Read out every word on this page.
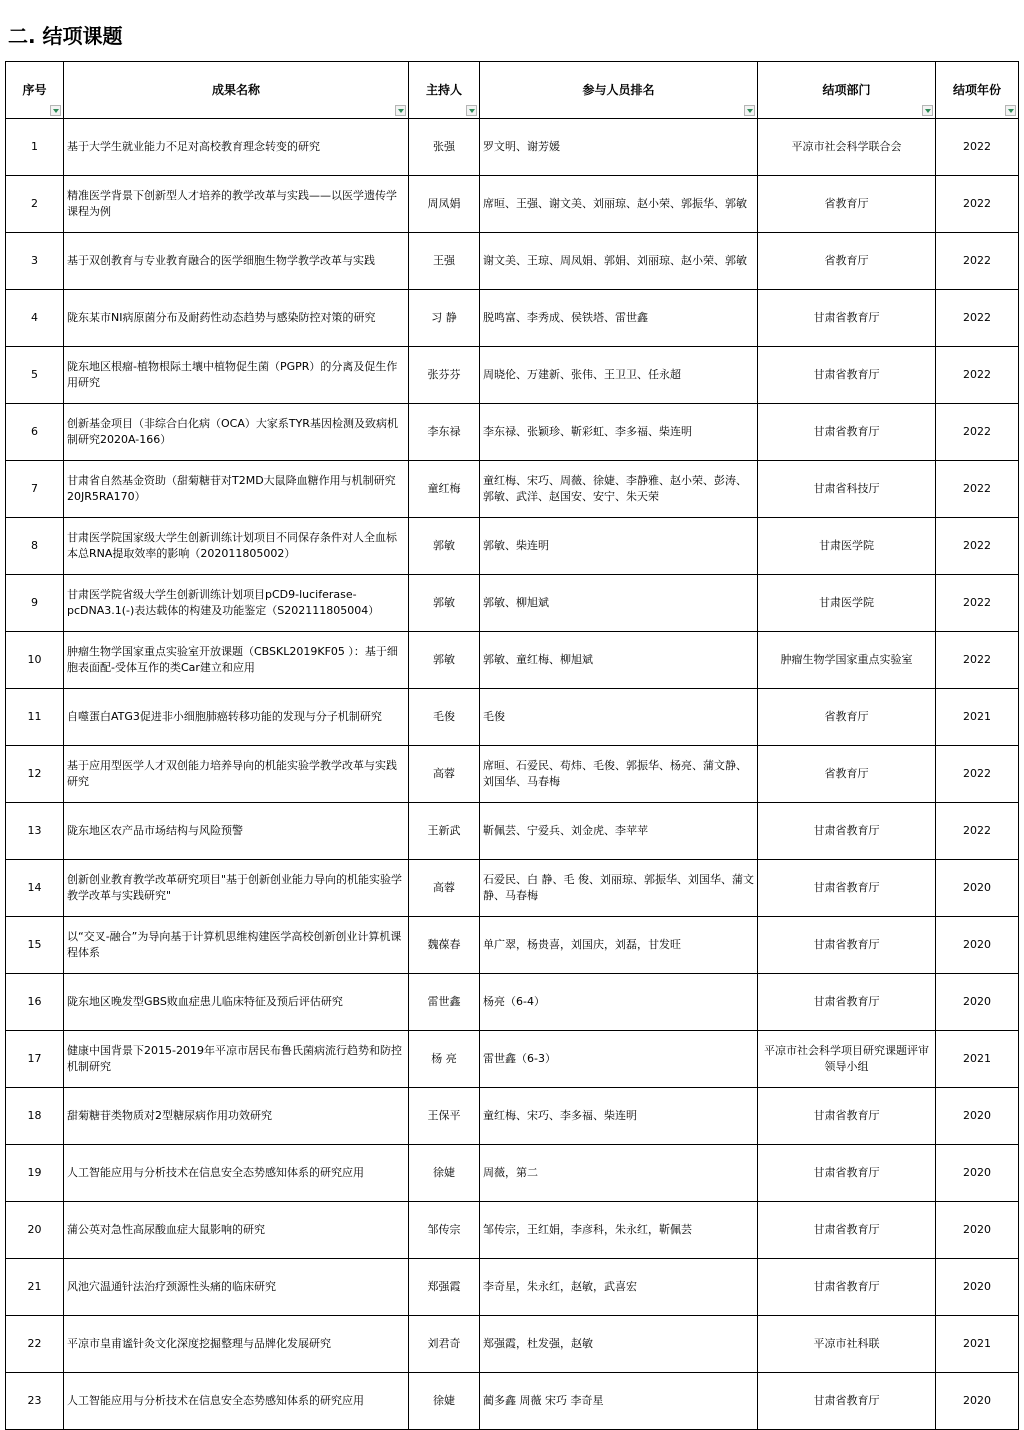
二. 结项课题
序号	成果名称	主持人	参与人员排名	结项部门	结项年份

1	基于大学生就业能力不足对高校教育理念转变的研究	张强	罗文明、谢芳媛	平凉市社会科学联合会	2022
2	精准医学背景下创新型人才培养的教学改革与实践——以医学遗传学课程为例	周凤娟	席晅、王强、谢文美、刘丽琼、赵小荣、郭振华、郭敏	省教育厅	2022
3	基于双创教育与专业教育融合的医学细胞生物学教学改革与实践	王强	谢文美、王琼、周凤娟、郭娟、刘丽琼、赵小荣、郭敏	省教育厅	2022
4	陇东某市NI病原菌分布及耐药性动态趋势与感染防控对策的研究	习 静	脱鸣富、李秀成、侯铁塔、雷世鑫	甘肃省教育厅	2022
5	陇东地区根瘤-植物根际土壤中植物促生菌（PGPR）的分离及促生作用研究	张芬芬	周晓伦、万建新、张伟、王卫卫、任永超	甘肃省教育厅	2022
6	创新基金项目（非综合白化病（OCA）大家系TYR基因检测及致病机制研究2020A-166）	李东禄	李东禄、张颖珍、靳彩虹、李多福、柴连明	甘肃省教育厅	2022
7	甘肃省自然基金资助（甜菊糖苷对T2MD大鼠降血糖作用与机制研究20JR5RA170）	童红梅	童红梅、宋巧、周薇、徐婕、李静雅、赵小荣、彭涛、郭敏、武洋、赵国安、安宁、朱天荣	甘肃省科技厅	2022
8	甘肃医学院国家级大学生创新训练计划项目不同保存条件对人全血标本总RNA提取效率的影响（202011805002）	郭敏	郭敏、柴连明	甘肃医学院	2022
9	甘肃医学院省级大学生创新训练计划项目pCD9-luciferase-pcDNA3.1(-)表达载体的构建及功能鉴定（S202111805004）	郭敏	郭敏、柳旭斌	甘肃医学院	2022
10	肿瘤生物学国家重点实验室开放课题（CBSKL2019KF05 ）：基于细胞表面配-受体互作的类Car建立和应用	郭敏	郭敏、童红梅、柳旭斌	肿瘤生物学国家重点实验室	2022
11	自噬蛋白ATG3促进非小细胞肺癌转移功能的发现与分子机制研究	毛俊	毛俊	省教育厅	2021
12	基于应用型医学人才双创能力培养导向的机能实验学教学改革与实践研究	高蓉	席晅、石爱民、苟炜、毛俊、郭振华、杨亮、蒲文静、刘国华、马春梅	省教育厅	2022
13	陇东地区农产品市场结构与风险预警	王新武	靳佩芸、宁爱兵、刘金虎、李苹苹	甘肃省教育厅	2022
14	创新创业教育教学改革研究项目"基于创新创业能力导向的机能实验学教学改革与实践研究"	高蓉	石爱民、白 静、毛 俊、刘丽琼、郭振华、刘国华、蒲文静、马春梅	甘肃省教育厅	2020
15	以“交叉-融合”为导向基于计算机思维构建医学高校创新创业计算机课程体系	魏葆春	单广翠，杨贵喜，刘国庆，刘磊，甘发旺	甘肃省教育厅	2020
16	陇东地区晚发型GBS败血症患儿临床特征及预后评估研究	雷世鑫	杨亮（6-4）	甘肃省教育厅	2020
17	健康中国背景下2015-2019年平凉市居民布鲁氏菌病流行趋势和防控机制研究	杨 亮	雷世鑫（6-3）	平凉市社会科学项目研究课题评审领导小组	2021
18	甜菊糖苷类物质对2型糖尿病作用功效研究	王保平	童红梅、宋巧、李多福、柴连明	甘肃省教育厅	2020
19	人工智能应用与分析技术在信息安全态势感知体系的研究应用	徐婕	周薇，第二	甘肃省教育厅	2020
20	蒲公英对急性高尿酸血症大鼠影响的研究	邹传宗	邹传宗，王红娟，李彦科，朱永红，靳佩芸	甘肃省教育厅	2020
21	风池穴温通针法治疗颈源性头痛的临床研究	郑强霞	李奇星，朱永红，赵敏，武喜宏	甘肃省教育厅	2020
22	平凉市皇甫谧针灸文化深度挖掘整理与品牌化发展研究	刘君奇	郑强霞，杜发强，赵敏	平凉市社科联	2021
23	人工智能应用与分析技术在信息安全态势感知体系的研究应用	徐婕	蔺多鑫 周薇 宋巧 李奇星	甘肃省教育厅	2020
